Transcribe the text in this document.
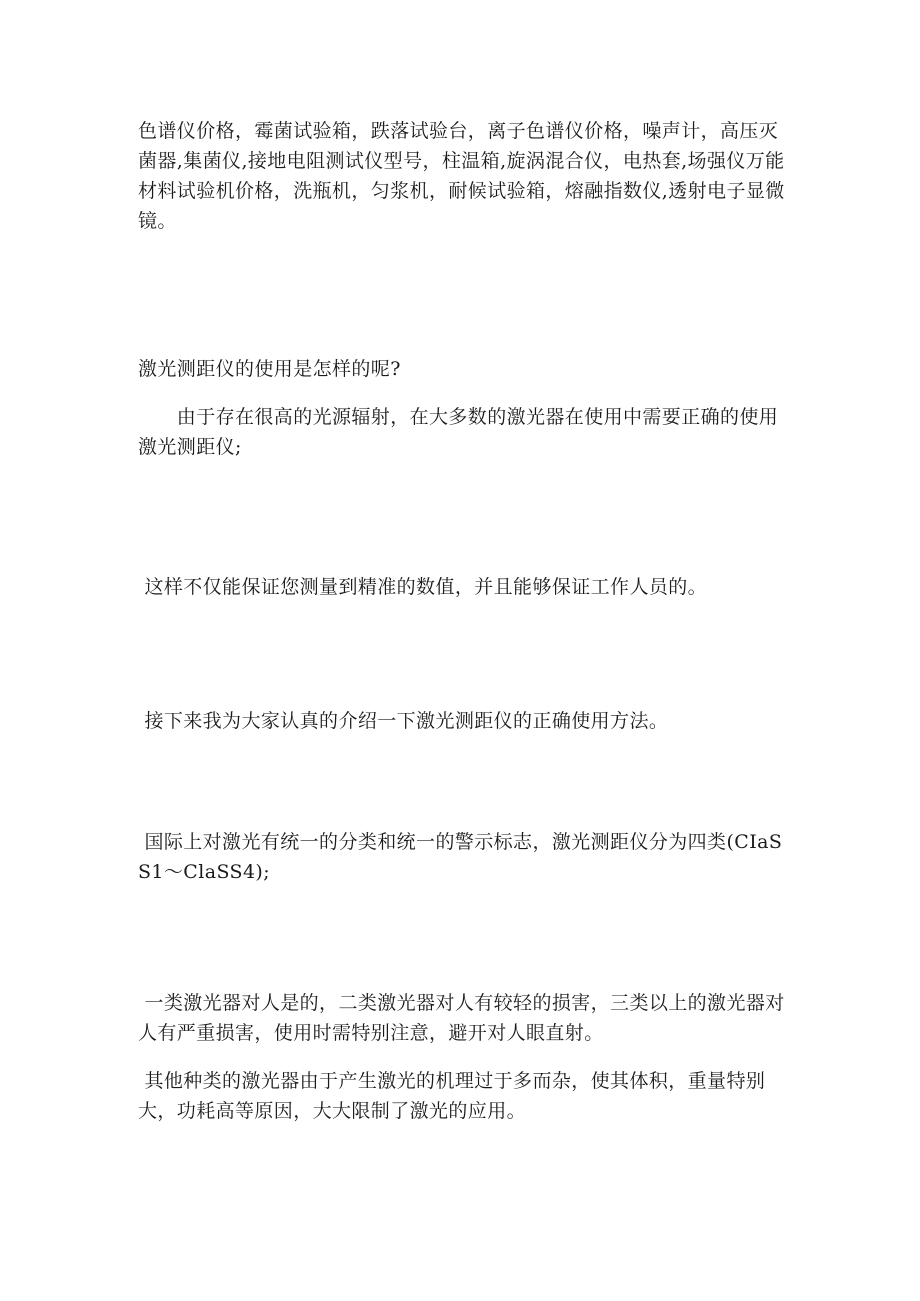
色谱仪价格，霉菌试验箱，跌落试验台，离子色谱仪价格，噪声计，高压灭菌器,集菌仪,接地电阻测试仪型号，柱温箱,旋涡混合仪，电热套,场强仪万能材料试验机价格，洗瓶机，匀浆机，耐候试验箱，熔融指数仪,透射电子显微镜。

激光测距仪的使用是怎样的呢?

　　由于存在很高的光源辐射，在大多数的激光器在使用中需要正确的使用激光测距仪;

这样不仅能保证您测量到精准的数值，并且能够保证工作人员的。

接下来我为大家认真的介绍一下激光测距仪的正确使用方法。

国际上对激光有统一的分类和统一的警示标志，激光测距仪分为四类(CIaSS1～ClaSS4);

一类激光器对人是的，二类激光器对人有较轻的损害，三类以上的激光器对人有严重损害，使用时需特别注意，避开对人眼直射。

其他种类的激光器由于产生激光的机理过于多而杂，使其体积，重量特别大，功耗高等原因，大大限制了激光的应用。
